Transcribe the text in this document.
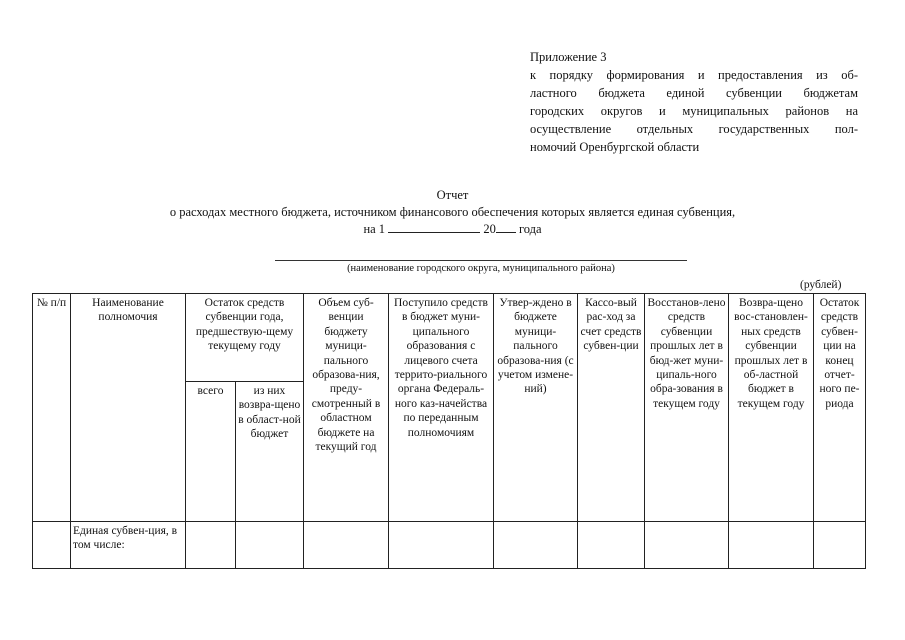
Приложение 3
к порядку формирования и предоставления из об-
ластного бюджета единой субвенции бюджетам
городских округов и муниципальных районов на
осуществление отдельных государственных пол-
номочий Оренбургской области
Отчет
о расходах местного бюджета, источником финансового обеспечения которых является единая субвенция,
на 1	20 года
(наименование городского округа, муниципального района)
(рублей)
№ п/п	Наименование полномочия	Остаток средств субвенции года, предшествую-щему текущему году		Объем суб-венции бюджету муници-пального образова-ния, преду-смотренный в областном бюджете на текущий год	Поступило средств в бюджет муни-ципального образования с лицевого счета террито-риального органа Федераль-ного каз-начейства по переданным полномочиям	Утвер-ждено в бюджете муници-пального образова-ния (с учетом измене-ний)	Кассо-вый рас-ход за счет средств субвен-ции	Восстанов-лено средств субвенции прошлых лет в бюд-жет муни-ципаль-ного обра-зования в текущем году	Возвра-щено вос-становлен-ных средств субвенции прошлых лет в об-ластной бюджет в текущем году	Остаток средств субвен-ции на конец отчет-ного пе-риода
		всего	из них возвра-щено в област-ной бюджет							
	Единая субвен-ция, в том числе:									
